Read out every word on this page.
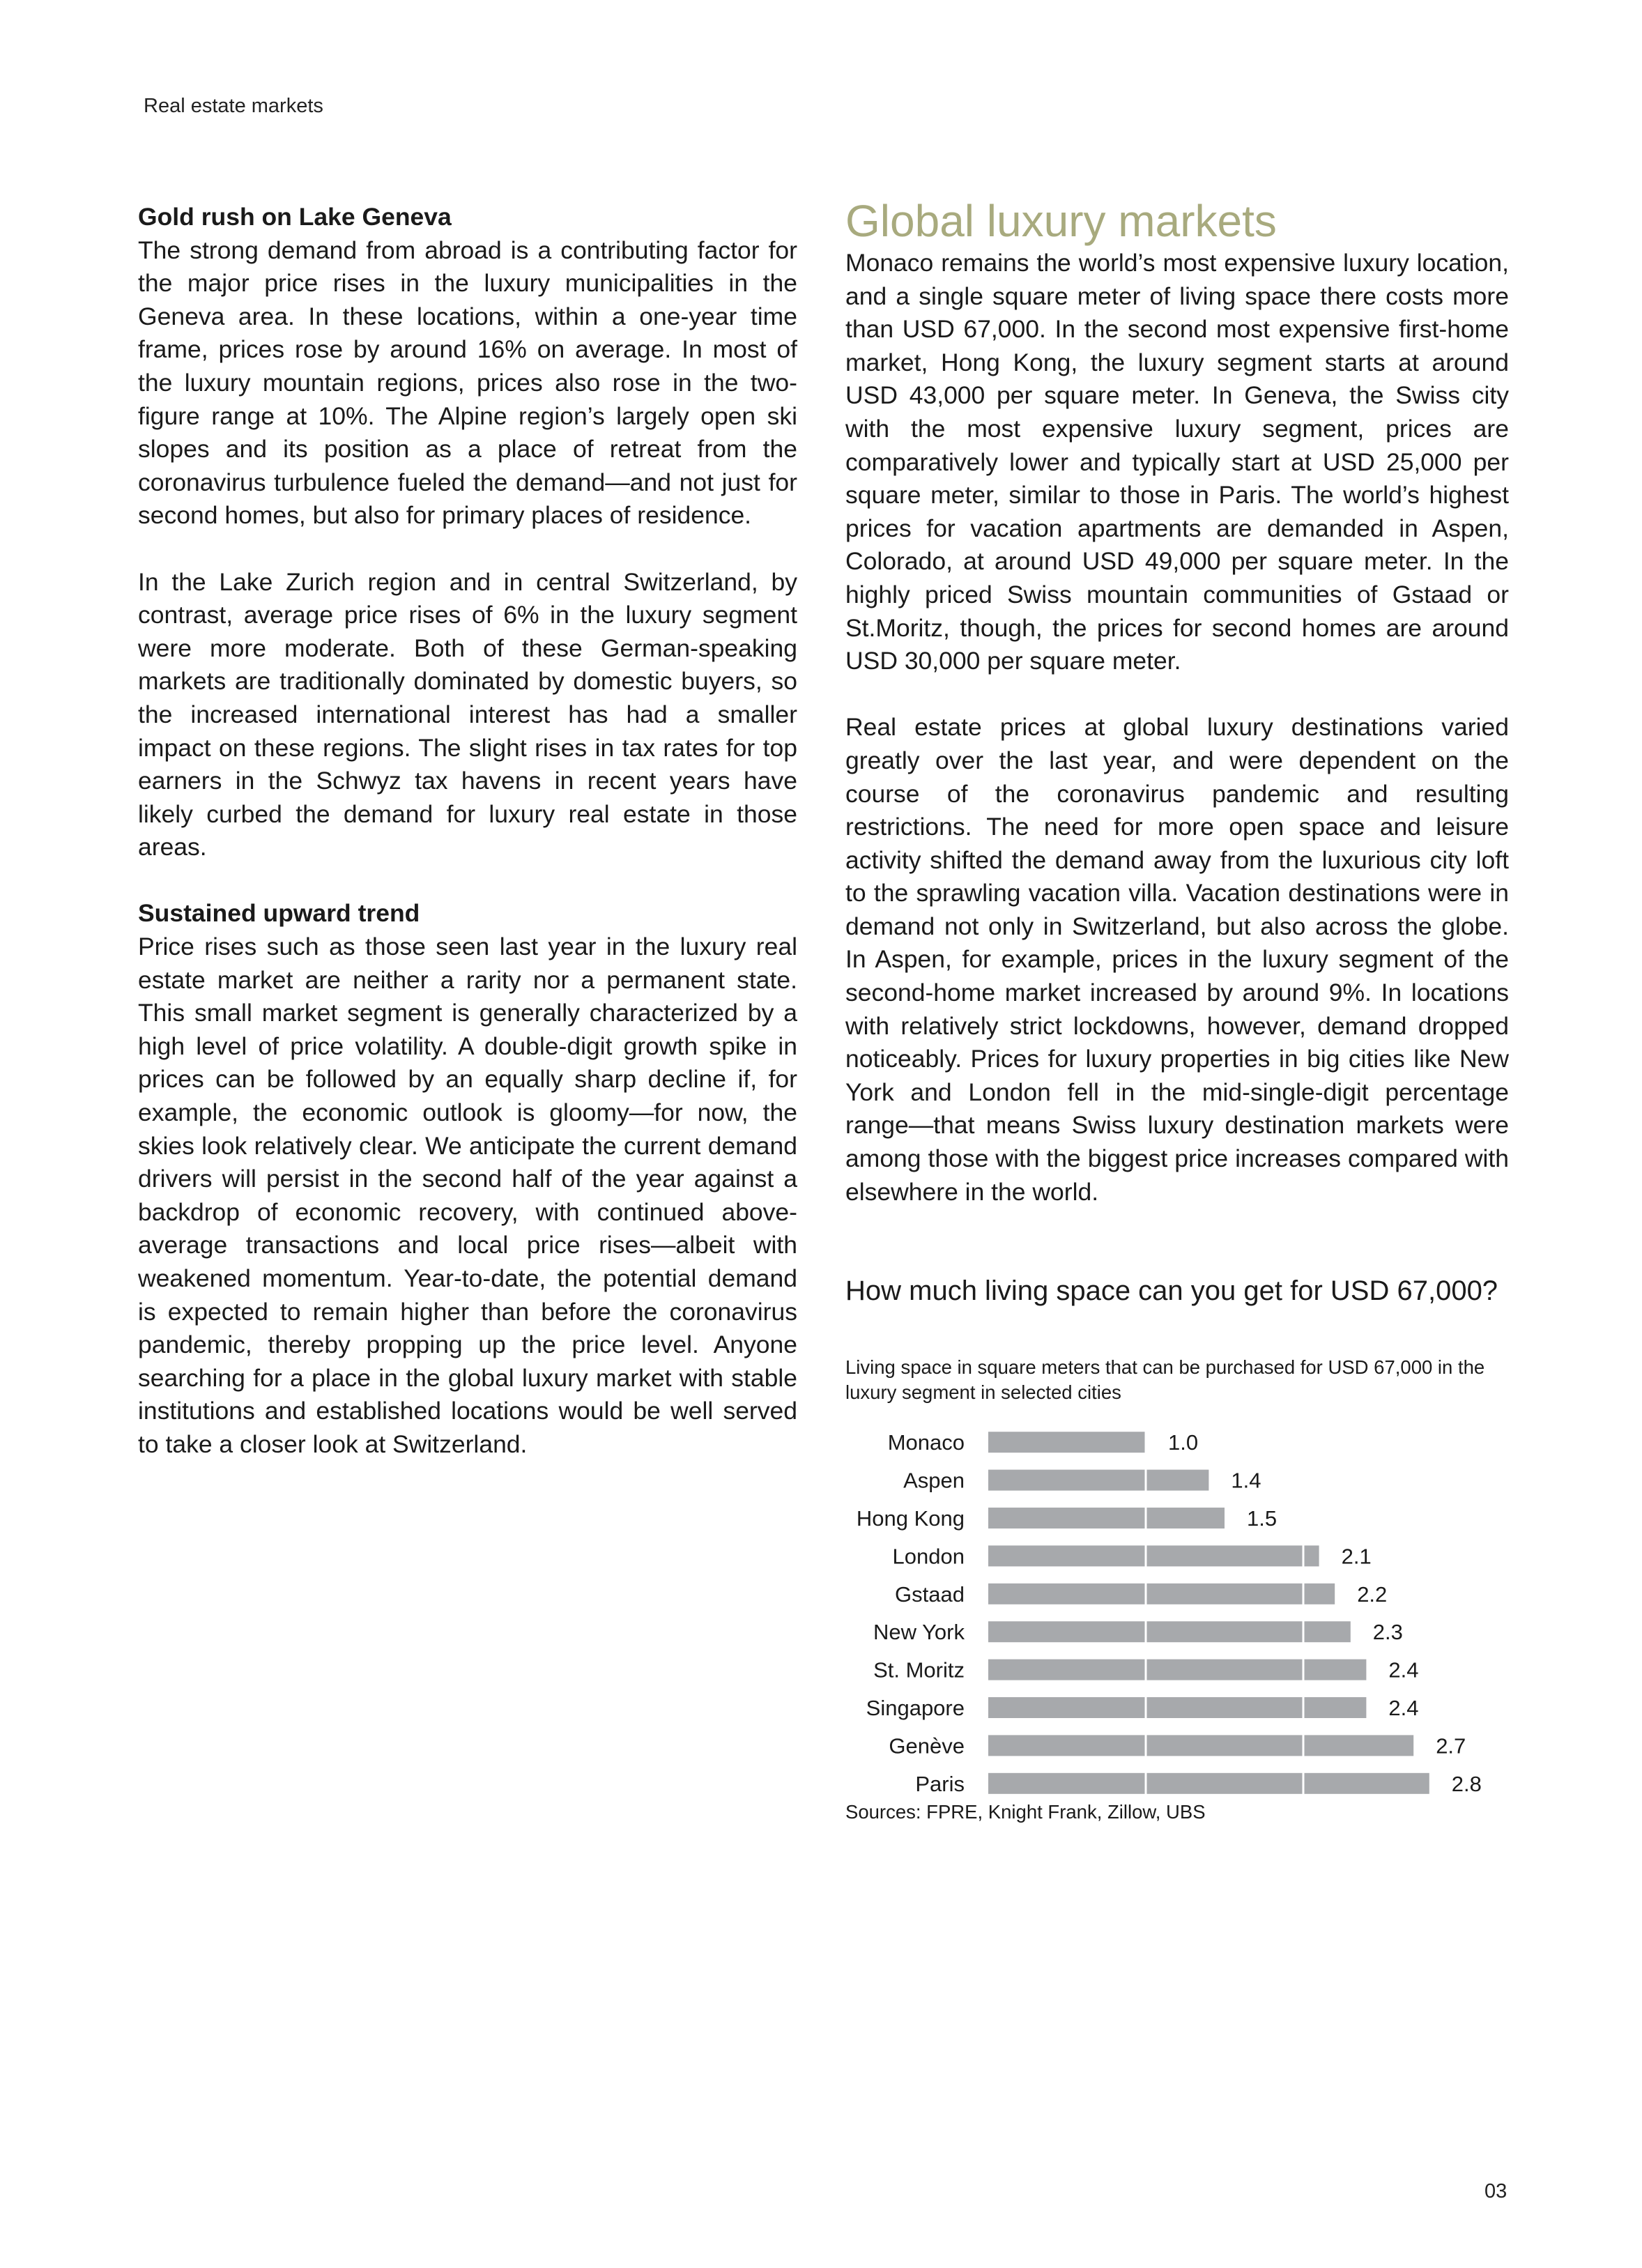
Real estate markets
Gold rush on Lake Geneva

The strong demand from abroad is a contributing factor for the major price rises in the luxury municipalities in the Geneva area. In these locations, within a one-year time frame, prices rose by around 16% on average. In most of the luxury mountain regions, prices also rose in the two-figure range at 10%. The Alpine region’s largely open ski slopes and its position as a place of retreat from the coronavirus turbulence fueled the demand—and not just for second homes, but also for primary places of residence.

In the Lake Zurich region and in central Switzerland, by contrast, average price rises of 6% in the luxury segment were more moderate. Both of these German-speaking markets are traditionally dominated by domestic buyers, so the increased international interest has had a smaller impact on these regions. The slight rises in tax rates for top earners in the Schwyz tax havens in recent years have likely curbed the demand for luxury real estate in those areas.

Sustained upward trend

Price rises such as those seen last year in the luxury real estate market are neither a rarity nor a permanent state. This small market segment is generally characterized by a high level of price volatility. A double-digit growth spike in prices can be followed by an equally sharp decline if, for example, the economic outlook is gloomy—for now, the skies look relatively clear. We anticipate the current demand drivers will persist in the second half of the year against a backdrop of economic recovery, with continued above-average transactions and local price rises—albeit with weakened momentum. Year-to-date, the potential demand is expected to remain higher than before the coronavirus pandemic, thereby propping up the price level. Anyone searching for a place in the global luxury market with stable institutions and established locations would be well served to take a closer look at Switzerland.

Global luxury markets

Monaco remains the world’s most expensive luxury location, and a single square meter of living space there costs more than USD 67,000. In the second most expensive first-home market, Hong Kong, the luxury segment starts at around USD 43,000 per square meter. In Geneva, the Swiss city with the most expensive luxury segment, prices are comparatively lower and typically start at USD 25,000 per square meter, similar to those in Paris. The world’s highest prices for vacation apartments are demanded in Aspen, Colorado, at around USD 49,000 per square meter. In the highly priced Swiss mountain communities of Gstaad or St.Moritz, though, the prices for second homes are around USD 30,000 per square meter.

Real estate prices at global luxury destinations varied greatly over the last year, and were dependent on the course of the coronavirus pandemic and resulting restrictions. The need for more open space and leisure activity shifted the demand away from the luxurious city loft to the sprawling vacation villa. Vacation destinations were in demand not only in Switzerland, but also across the globe. In Aspen, for example, prices in the luxury segment of the second-home market increased by around 9%. In locations with relatively strict lockdowns, however, demand dropped noticeably. Prices for luxury properties in big cities like New York and London fell in the mid-single-digit percentage range—that means Swiss luxury destination markets were among those with the biggest price increases compared with elsewhere in the world.

How much living space can you get for USD 67,000?
Living space in square meters that can be purchased for USD 67,000 in the luxury segment in selected cities
Monaco	1.0
Aspen	1.4
Hong Kong	1.5
London	2.1
Gstaad	2.2
New York	2.3
St. Moritz	2.4
Singapore	2.4
Genève	2.7
Paris	2.8
Sources: FPRE, Knight Frank, Zillow, UBS
03
